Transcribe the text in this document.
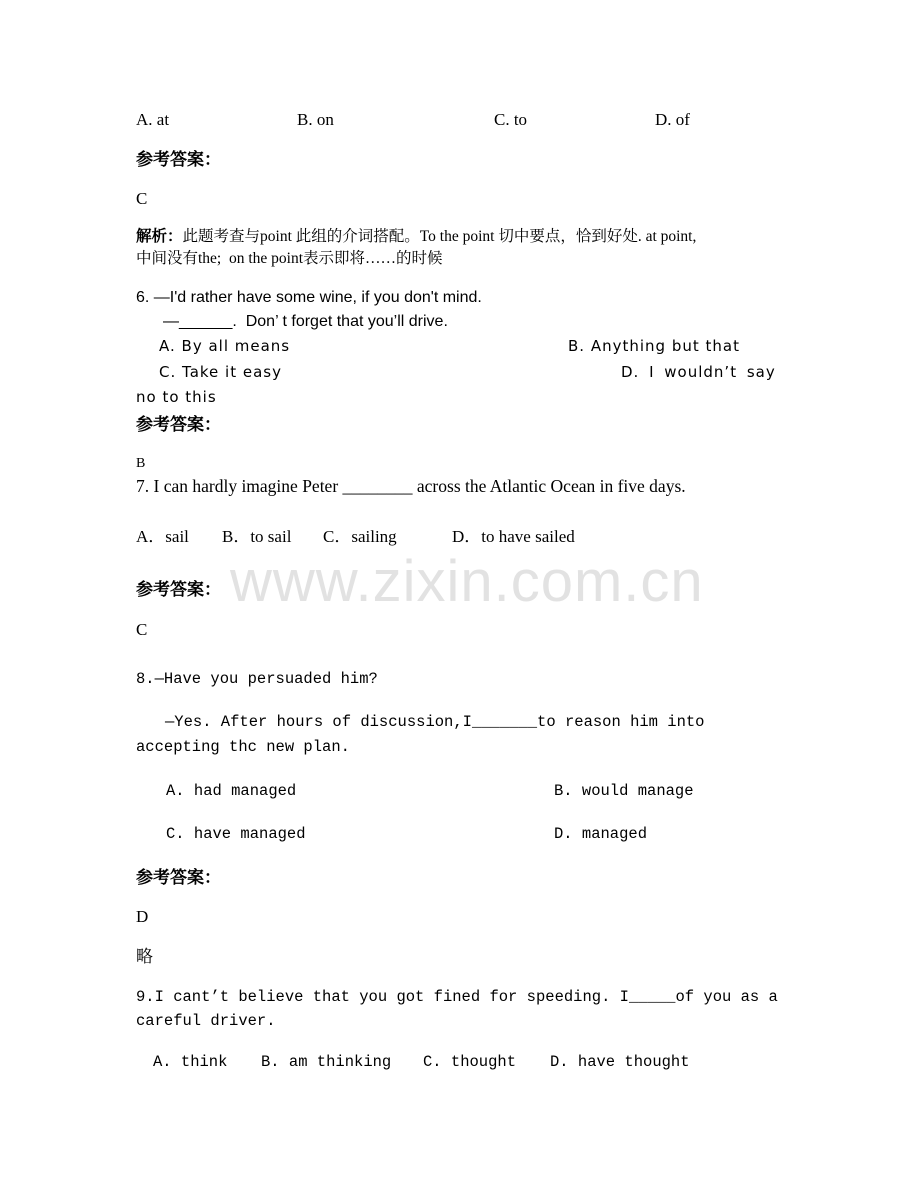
www.zixin.com.cn
A. at	B. on	C. to	D. of
参考答案：
C
解析：此题考查与point 此组的介词搭配。To the point 切中要点，恰到好处. at point,
中间没有the;  on the point表示即将……的时候
6. —I'd rather have some wine, if you don't mind.
—______.  Don’ t forget that you’ll drive.
A. By all means	B. Anything but that
C. Take it easy	D. I wouldn’t say
no to this
参考答案：
B
7. I can hardly imagine Peter ________ across the Atlantic Ocean in five days.
A．sail B．to sail C．sailing	D．to have sailed
参考答案：
C
8.—Have you persuaded him?
—Yes. After hours of discussion,I_______to reason him into
accepting thc new plan.
A. had managed	B. would manage
C. have managed	D. managed
参考答案：
D
略
9.I cant’t believe that you got fined for speeding. I_____of you as a
careful driver.
A. think B. am thinking C. thought D. have thought
